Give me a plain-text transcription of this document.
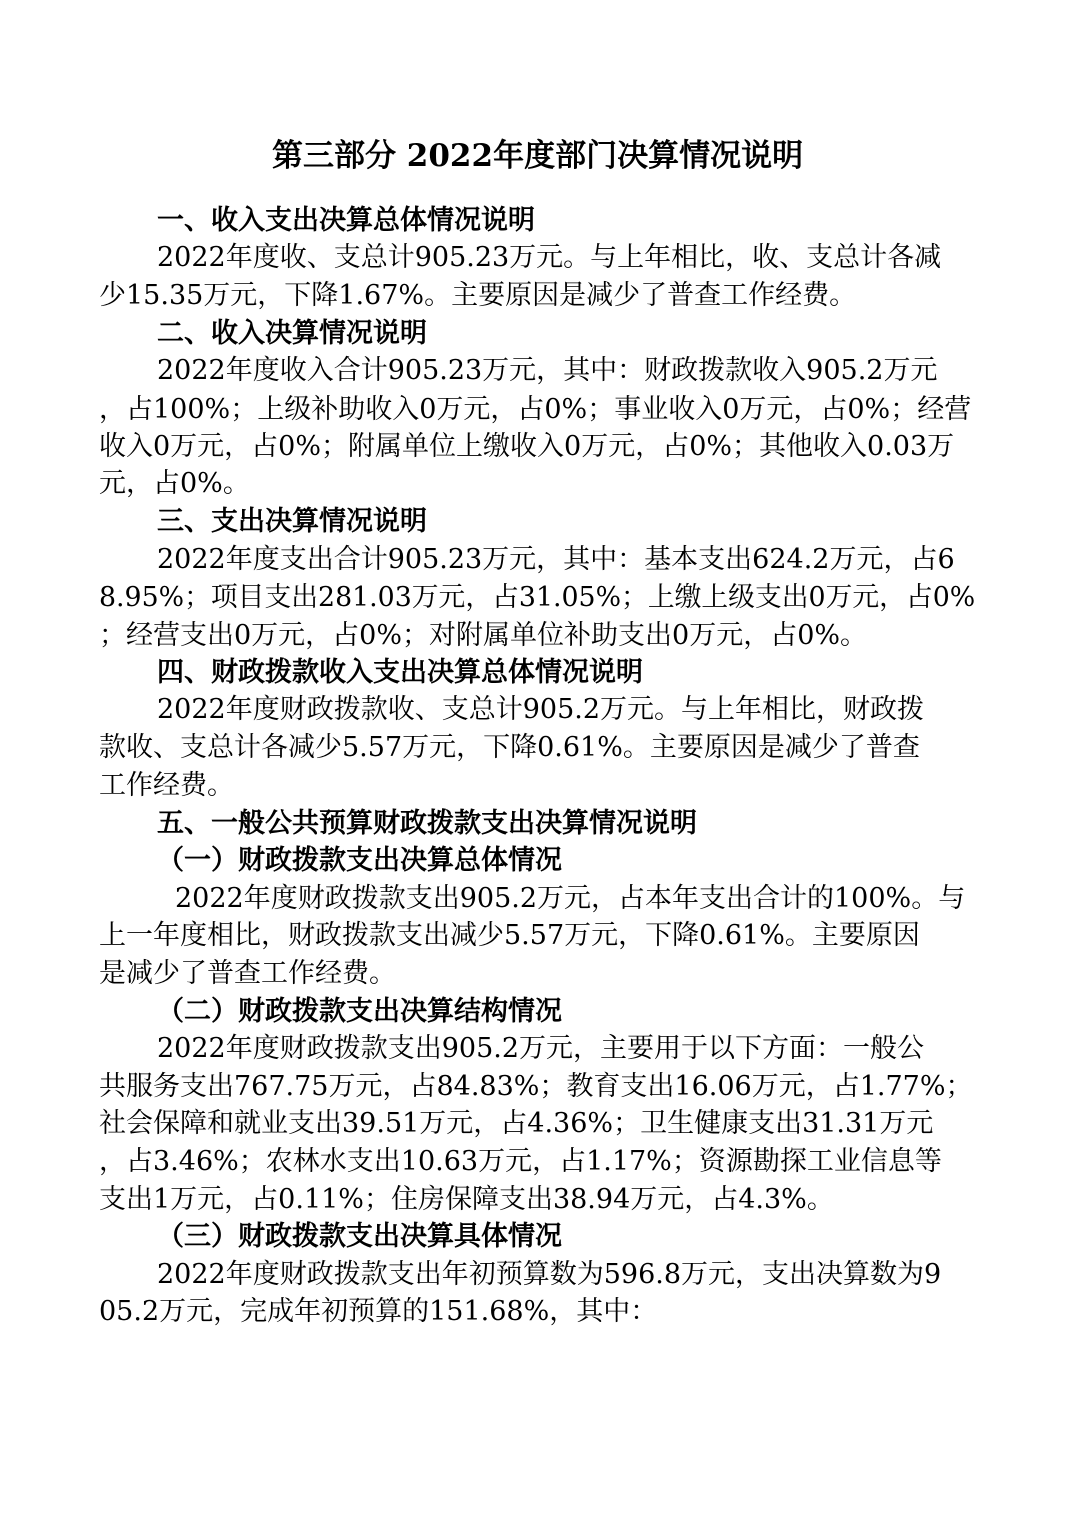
第三部分 2022年度部门决算情况说明
一、收入支出决算总体情况说明
2022年度收、支总计905.23万元。与上年相比，收、支总计各减
少15.35万元，下降1.67%。主要原因是减少了普查工作经费。
二、收入决算情况说明
2022年度收入合计905.23万元，其中：财政拨款收入905.2万元
，占100%；上级补助收入0万元，占0%；事业收入0万元，占0%；经营
收入0万元，占0%；附属单位上缴收入0万元，占0%；其他收入0.03万
元，占0%。
三、支出决算情况说明
2022年度支出合计905.23万元，其中：基本支出624.2万元，占6
8.95%；项目支出281.03万元，占31.05%；上缴上级支出0万元，占0%
；经营支出0万元，占0%；对附属单位补助支出0万元，占0%。
四、财政拨款收入支出决算总体情况说明
2022年度财政拨款收、支总计905.2万元。与上年相比，财政拨
款收、支总计各减少5.57万元，下降0.61%。主要原因是减少了普查
工作经费。
五、一般公共预算财政拨款支出决算情况说明
（一）财政拨款支出决算总体情况
2022年度财政拨款支出905.2万元，占本年支出合计的100%。与
上一年度相比，财政拨款支出减少5.57万元，下降0.61%。主要原因
是减少了普查工作经费。
（二）财政拨款支出决算结构情况
2022年度财政拨款支出905.2万元，主要用于以下方面：一般公
共服务支出767.75万元，占84.83%；教育支出16.06万元，占1.77%；
社会保障和就业支出39.51万元，占4.36%；卫生健康支出31.31万元
，占3.46%；农林水支出10.63万元，占1.17%；资源勘探工业信息等
支出1万元，占0.11%；住房保障支出38.94万元，占4.3%。
（三）财政拨款支出决算具体情况
2022年度财政拨款支出年初预算数为596.8万元，支出决算数为9
05.2万元，完成年初预算的151.68%，其中：
